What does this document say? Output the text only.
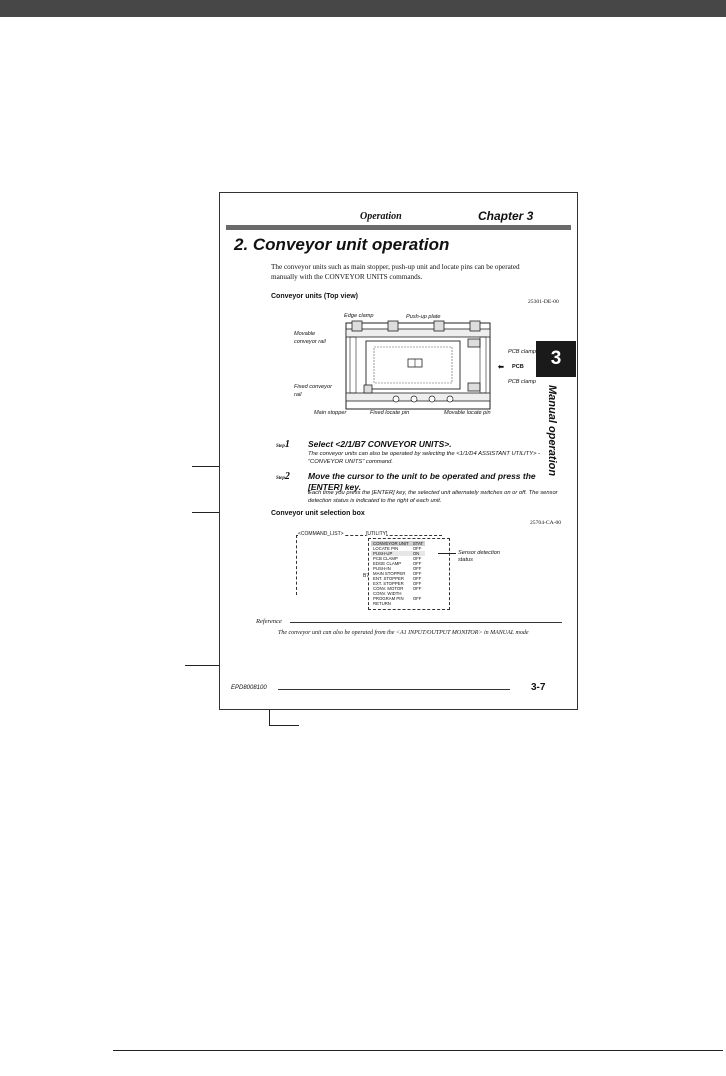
Operation	Chapter 3
2. Conveyor unit operation
The conveyor units such as main stopper, push-up unit and locate pins can be operated manually with the CONVEYOR UNITS commands.
Conveyor units (Top view)
25301-DE-00
Edge clamp	Push-up plate
Movable conveyor rail
PCB clamp
⬅ PCB
PCB clamp
Fixed conveyor rail
Main stopper	Fixed locate pin	Movable locate pin
Step1 Select <2/1/B7 CONVEYOR UNITS>.
The conveyor units can also be operated by selecting the <1/1/D4 ASSISTANT UTILITY> - "CONVEYOR UNITS" command.
Step2 Move the cursor to the unit to be operated and press the [ENTER] key.
Each time you press the [ENTER] key, the selected unit alternately switches on or off. The sensor detection status is indicated to the right of each unit.
Conveyor unit selection box
25704-CA-00
<COMMAND_LIST>	[UTILITY]
B7
CONVEYOR UNIT	STAT
LOCATE PIN	OFF
PUSH-UP	ON
PCB CLAMP	OFF
EDGE CLAMP	OFF
PUSH-IN	OFF
MAIN STOPPER	OFF
ENT. STOPPER	OFF
EXT. STOPPER	OFF
CONV. MOTOR	OFF
CONV. WIDTH	
PROGRAM PIN	OFF
RETURN	
Sensor detection status
Reference
The conveyor unit can also be operated from the <A1 INPUT/OUTPUT MONITOR> in MANUAL mode
EPD8008100	3-7
3
Manual operation
